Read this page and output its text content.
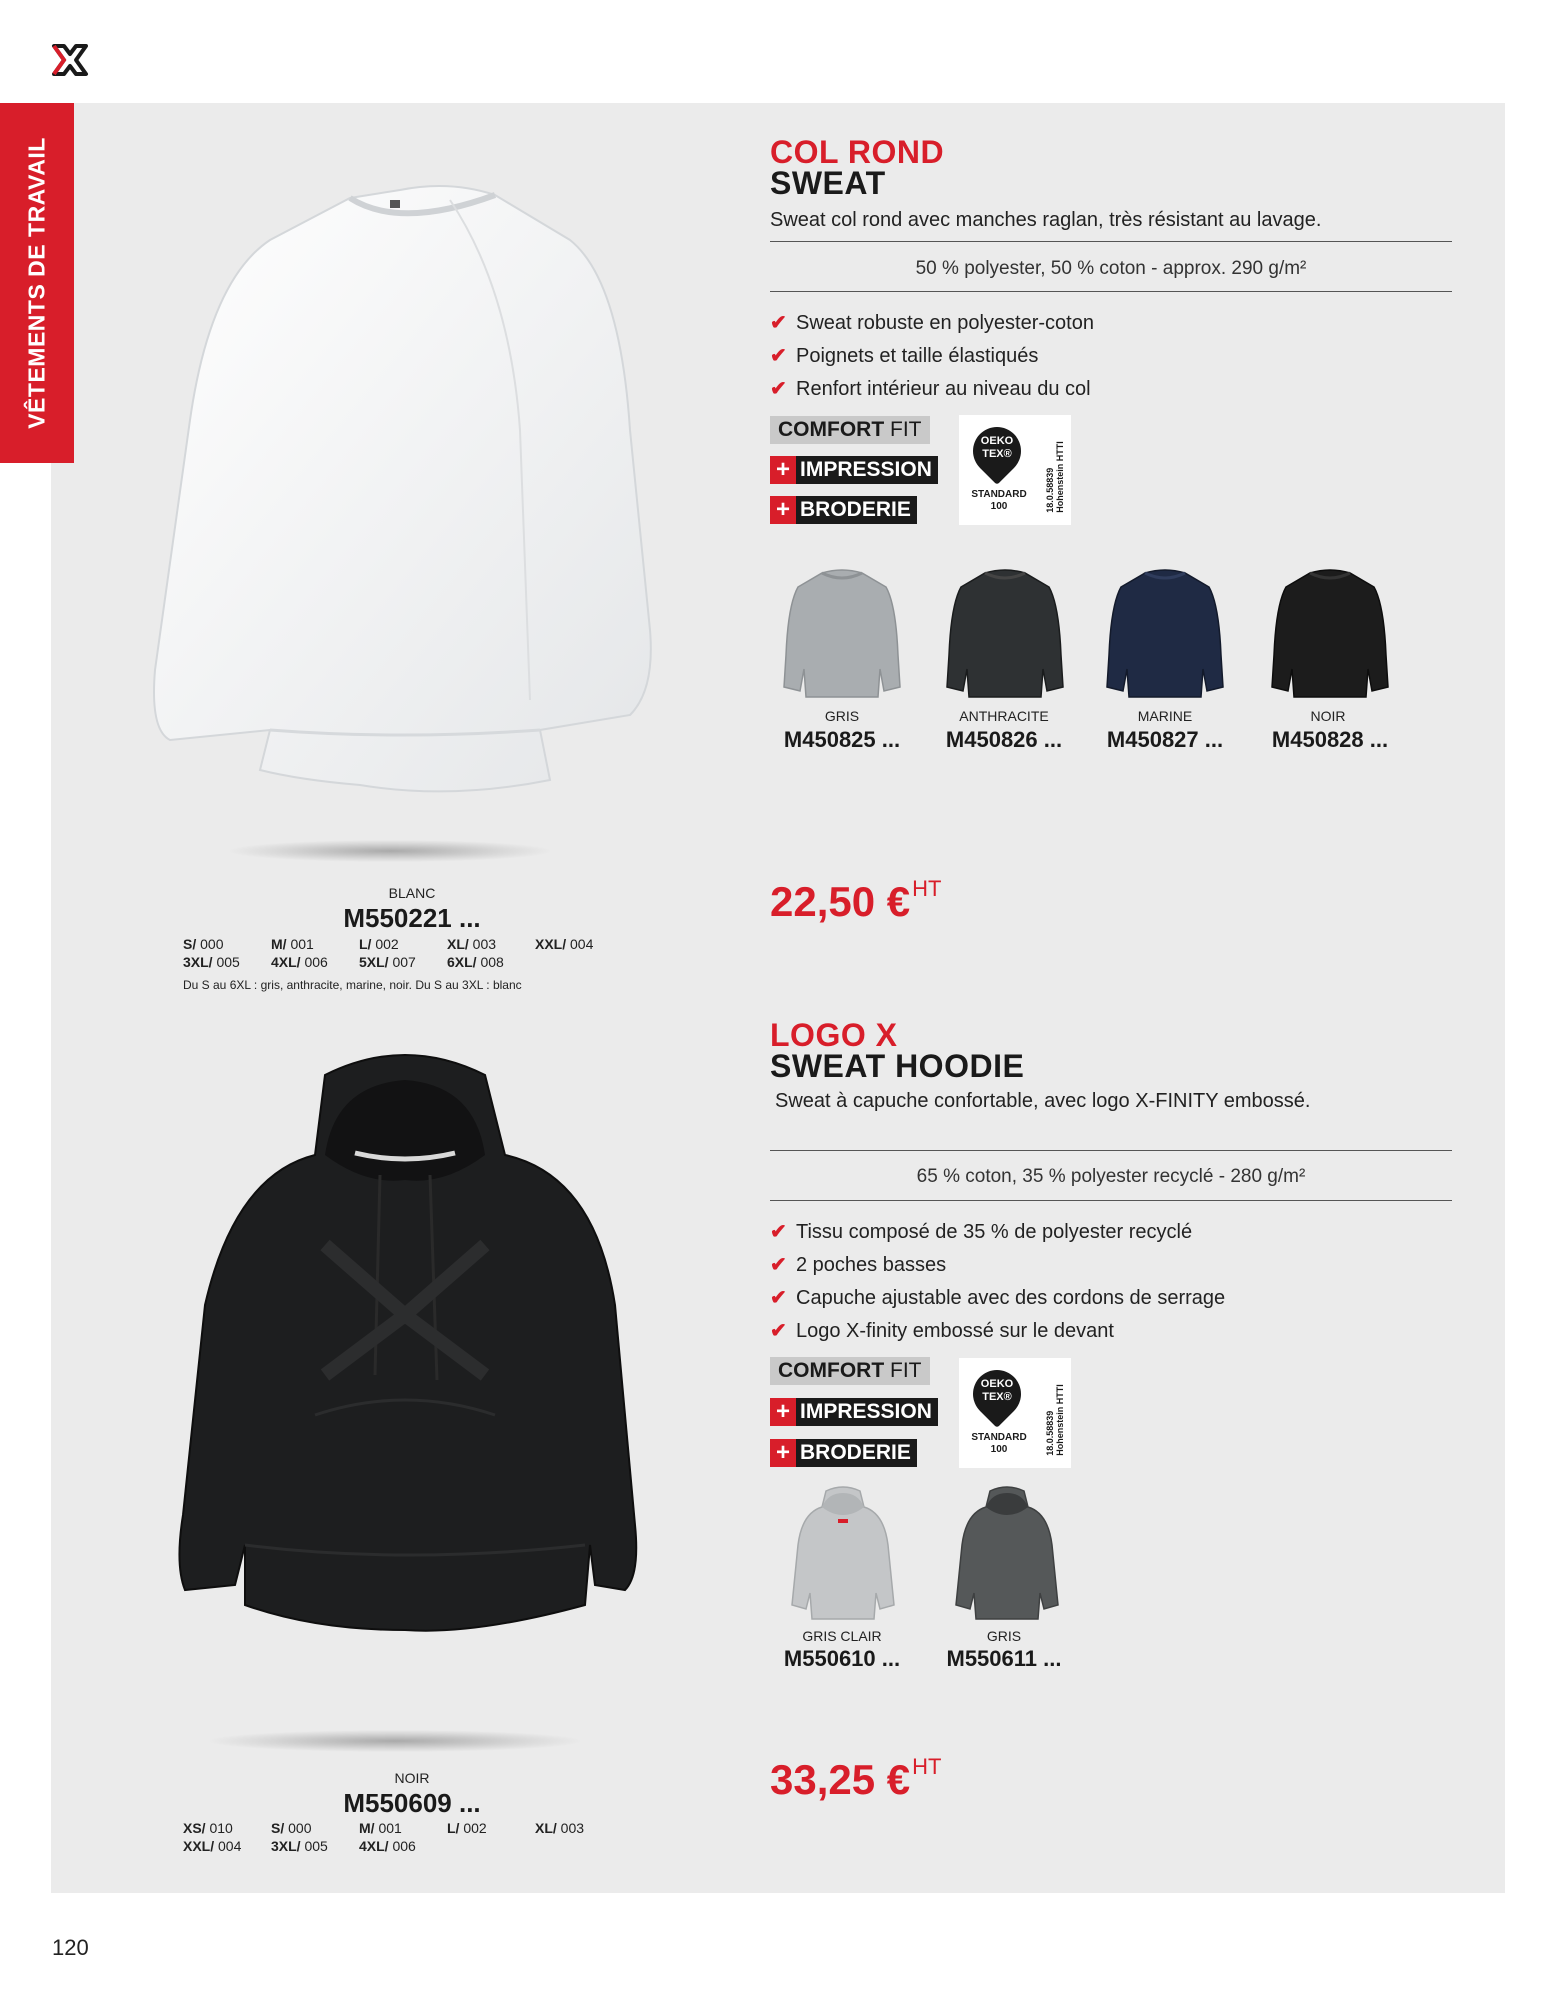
VÊTEMENTS DE TRAVAIL
BLANC
M550221 ...
S/ 000	M/ 001	L/ 002	XL/ 003	XXL/ 004
3XL/ 005 4XL/ 006 5XL/ 007 6XL/ 008
Du S au 6XL : gris, anthracite, marine, noir. Du S au 3XL : blanc
COL ROND
SWEAT
Sweat col rond avec manches raglan, très résistant au lavage.
50 % polyester, 50 % coton - approx. 290 g/m²
✔ Sweat robuste en polyester-coton
✔ Poignets et taille élastiqués
✔ Renfort intérieur au niveau du col
COMFORT FIT
+ IMPRESSION
+ BRODERIE
OEKO
TEX®
STANDARD
100	18.0.58839
Hohenstein HTTI
GRIS	ANTHRACITE	MARINE	NOIR
M450825 ...	M450826 ...	M450827 ...	M450828 ...
22,50 €$^{HT}$
NOIR
M550609 ...
XS/ 010	S/ 000	M/ 001	L/ 002	XL/ 003
XXL/ 004 3XL/ 005 4XL/ 006
LOGO X
SWEAT HOODIE
Sweat à capuche confortable, avec logo X-FINITY embossé.
65 % coton, 35 % polyester recyclé - 280 g/m²
✔ Tissu composé de 35 % de polyester recyclé
✔ 2 poches basses
✔ Capuche ajustable avec des cordons de serrage
✔ Logo X-finity embossé sur le devant
COMFORT FIT
+ IMPRESSION
+ BRODERIE
OEKO
TEX®
STANDARD
100	18.0.58839
Hohenstein HTTI
GRIS CLAIR	GRIS
M550610 ...	M550611 ...
33,25 €$^{HT}$
120
